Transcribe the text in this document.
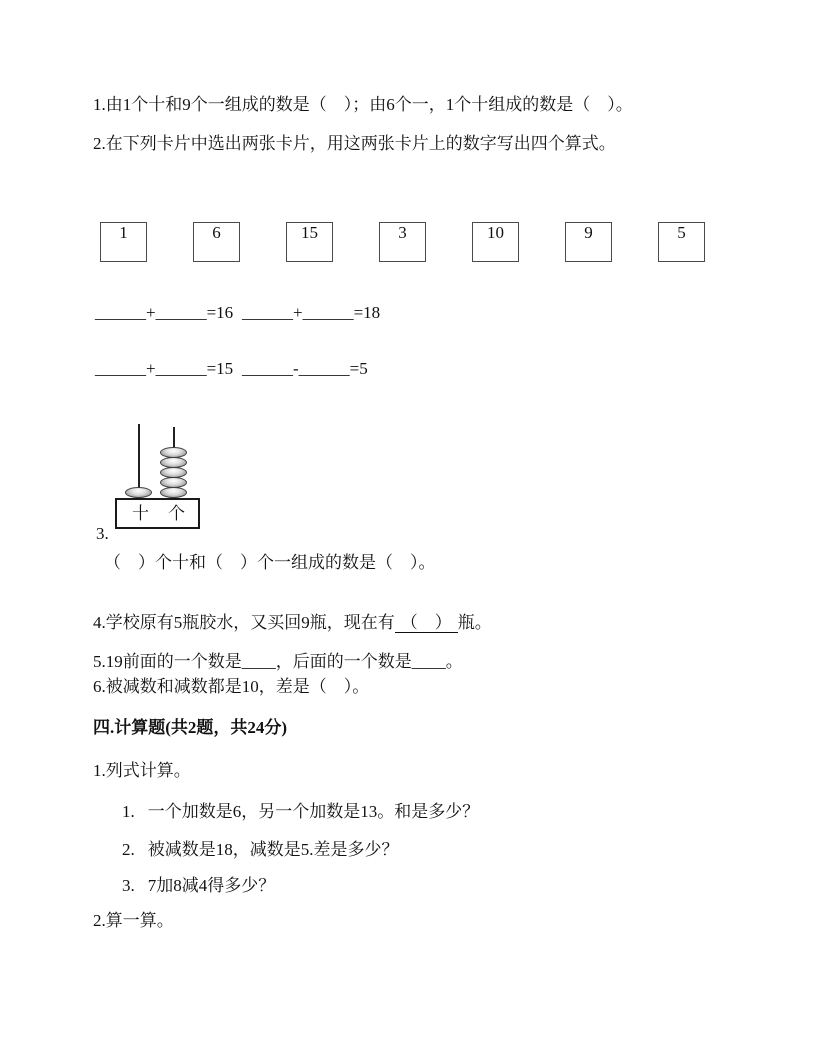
1.由1个十和9个一组成的数是（　）；由6个一，1个十组成的数是（　）。
2.在下列卡片中选出两张卡片，用这两张卡片上的数字写出四个算式。
1	6	15	3	10	9	5
______+______=16 ______+______=18
______+______=15 ______-______=5
十 个
3.
（　）个十和（　）个一组成的数是（　）。
4.学校原有5瓶胶水，又买回9瓶，现在有 （　） 瓶。
5.19前面的一个数是____，后面的一个数是____。
6.被减数和减数都是10，差是（　）。
四.计算题(共2题，共24分)
1.列式计算。
1. 一个加数是6，另一个加数是13。和是多少？
2. 被减数是18，减数是5.差是多少？
3. 7加8减4得多少？
2.算一算。
